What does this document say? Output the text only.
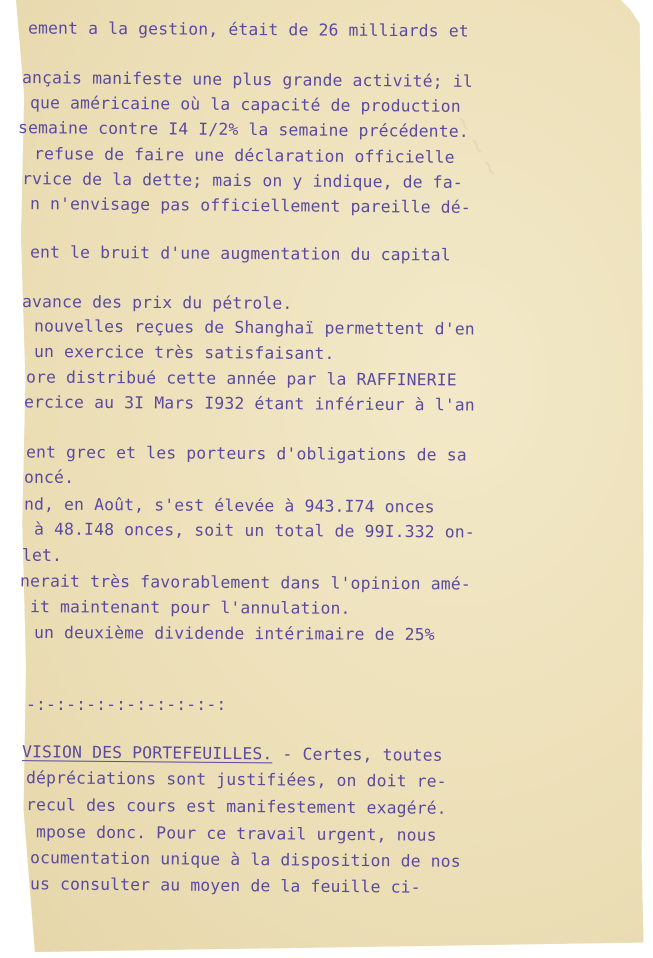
~ ~ ~
ement a la gestion, était de 26 milliards et
ançais manifeste une plus grande activité; il
que américaine où la capacité de production
semaine contre I4 I/2% la semaine précédente.
refuse de faire une déclaration officielle
rvice de la dette; mais on y indique, de fa-
n n'envisage pas officiellement pareille dé-
ent le bruit d'une augmentation du capital
avance des prix du pétrole.
nouvelles reçues de Shanghaï permettent d'en
un exercice très satisfaisant.
ore distribué cette année par la RAFFINERIE
ercice au 3I Mars I932 étant inférieur à l'an
ent grec et les porteurs d'obligations de sa
oncé.
nd, en Août, s'est élevée à 943.I74 onces
à 48.I48 onces, soit un total de 99I.332 on-
let.
nerait très favorablement dans l'opinion amé-
it maintenant pour l'annulation.
un deuxième dividende intérimaire de 25%
-:-:-:-:-:-:-:-:-:-:
VISION DES PORTEFEUILLES. - Certes, toutes
dépréciations sont justifiées, on doit re-
recul des cours est manifestement exagéré.
mpose donc. Pour ce travail urgent, nous
ocumentation unique à la disposition de nos
us consulter au moyen de la feuille ci-
